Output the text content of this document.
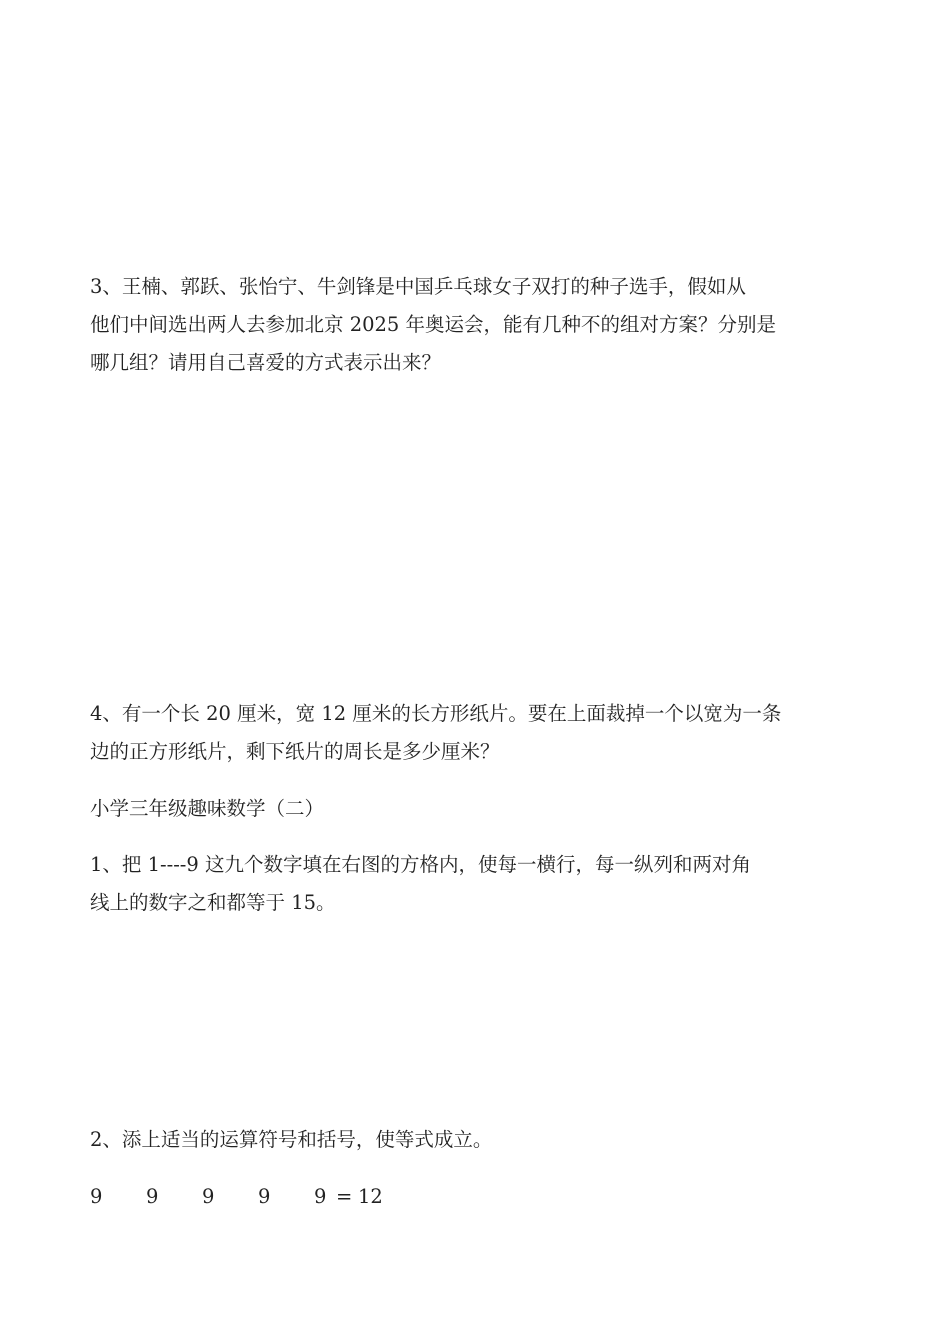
3、王楠、郭跃、张怡宁、牛剑锋是中国乒乓球女子双打的种子选手，假如从

他们中间选出两人去参加北京 2025 年奥运会，能有几种不的组对方案？分别是

哪几组？请用自己喜爱的方式表示出来？

4、有一个长 20 厘米，宽 12 厘米的长方形纸片。要在上面裁掉一个以宽为一条

边的正方形纸片，剩下纸片的周长是多少厘米？

小学三年级趣味数学（二）

1、把 1----9 这九个数字填在右图的方格内，使每一横行，每一纵列和两对角

线上的数字之和都等于 15。

2、添上适当的运算符号和括号，使等式成立。

9 9 9 9 9 = 12
